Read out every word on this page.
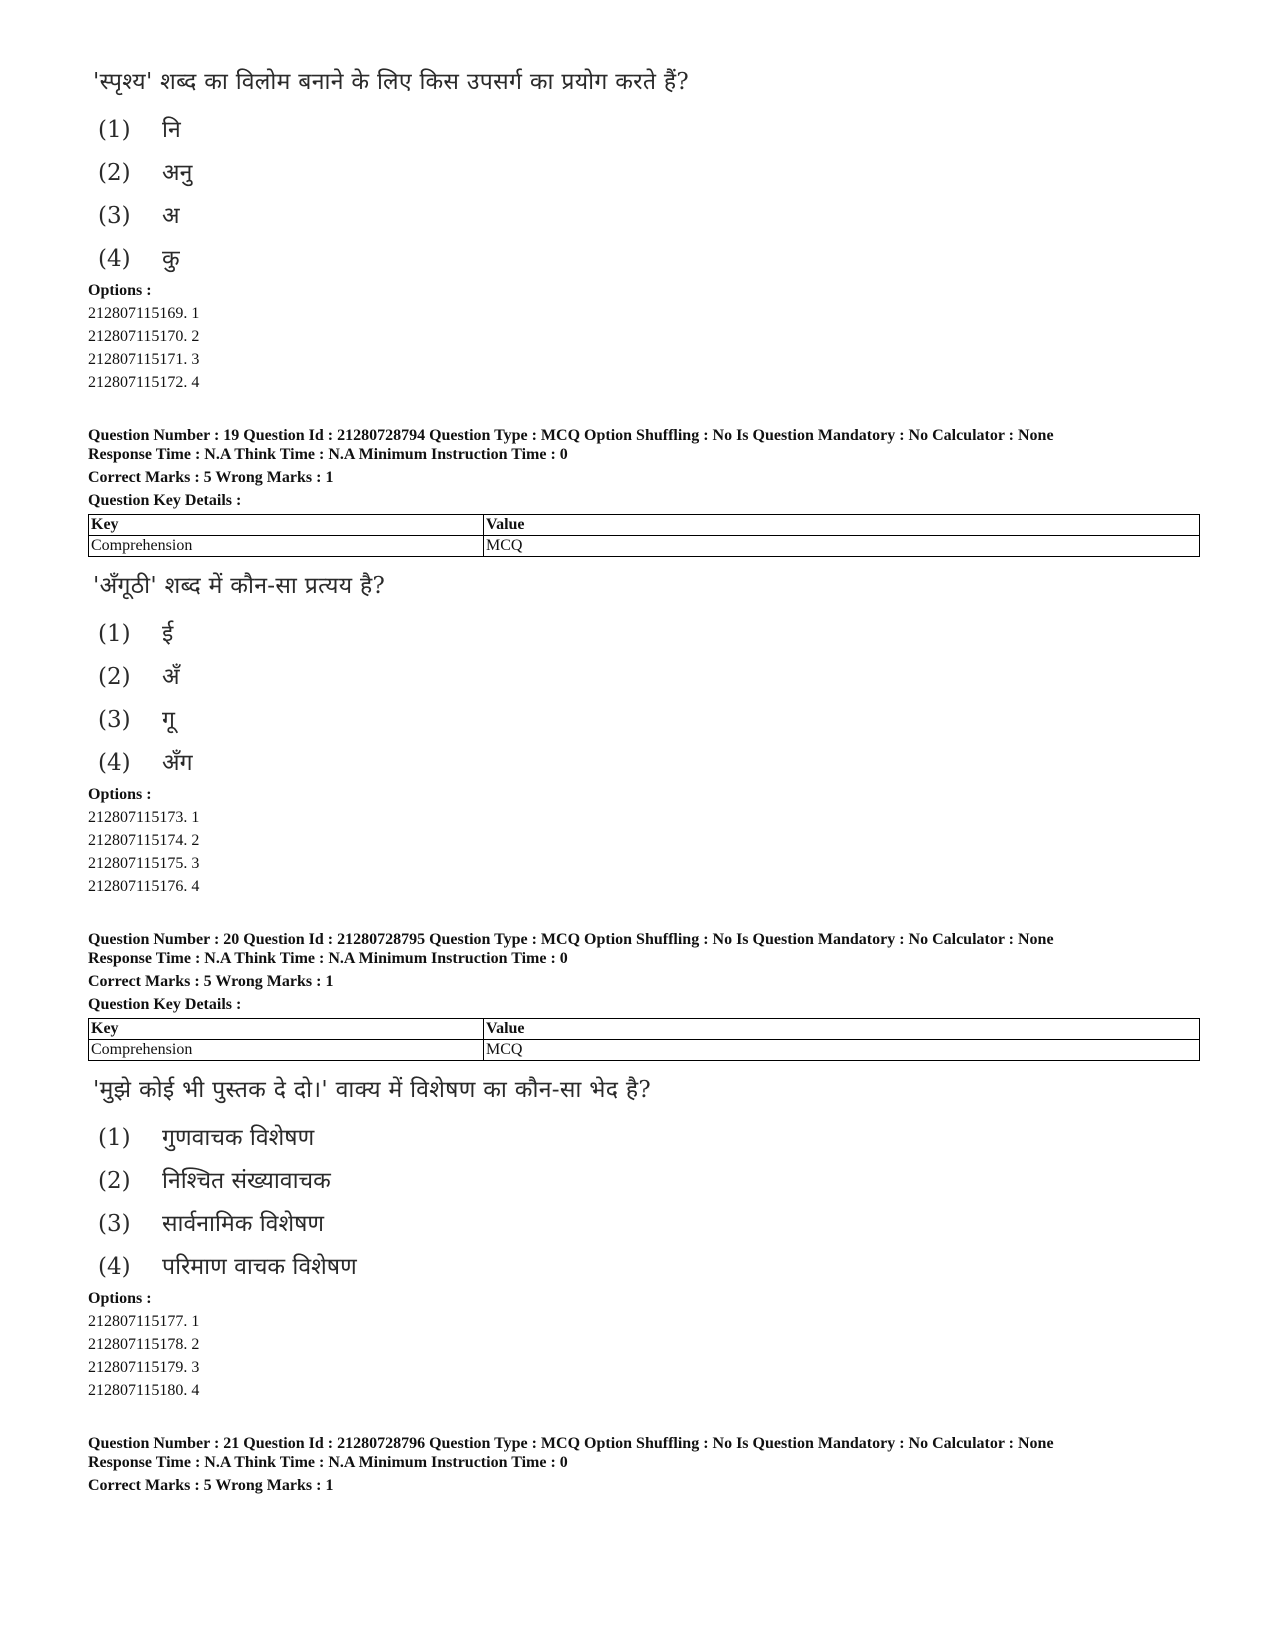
'स्पृश्य' शब्द का विलोम बनाने के लिए किस उपसर्ग का प्रयोग करते हैं?
(1) नि
(2) अनु
(3) अ
(4) कु
Options :
212807115169. 1
212807115170. 2
212807115171. 3
212807115172. 4
Question Number : 19 Question Id : 21280728794 Question Type : MCQ Option Shuffling : No Is Question Mandatory : No Calculator : None
Response Time : N.A Think Time : N.A Minimum Instruction Time : 0
Correct Marks : 5 Wrong Marks : 1
Question Key Details :
Key	Value
Comprehension	MCQ
'अँगूठी' शब्द में कौन-सा प्रत्यय है?
(1) ई
(2) अँ
(3) गू
(4) अँग
Options :
212807115173. 1
212807115174. 2
212807115175. 3
212807115176. 4
Question Number : 20 Question Id : 21280728795 Question Type : MCQ Option Shuffling : No Is Question Mandatory : No Calculator : None
Response Time : N.A Think Time : N.A Minimum Instruction Time : 0
Correct Marks : 5 Wrong Marks : 1
Question Key Details :
Key	Value
Comprehension	MCQ
'मुझे कोई भी पुस्तक दे दो।' वाक्य में विशेषण का कौन-सा भेद है?
(1) गुणवाचक विशेषण
(2) निश्चित संख्यावाचक
(3) सार्वनामिक विशेषण
(4) परिमाण वाचक विशेषण
Options :
212807115177. 1
212807115178. 2
212807115179. 3
212807115180. 4
Question Number : 21 Question Id : 21280728796 Question Type : MCQ Option Shuffling : No Is Question Mandatory : No Calculator : None
Response Time : N.A Think Time : N.A Minimum Instruction Time : 0
Correct Marks : 5 Wrong Marks : 1
